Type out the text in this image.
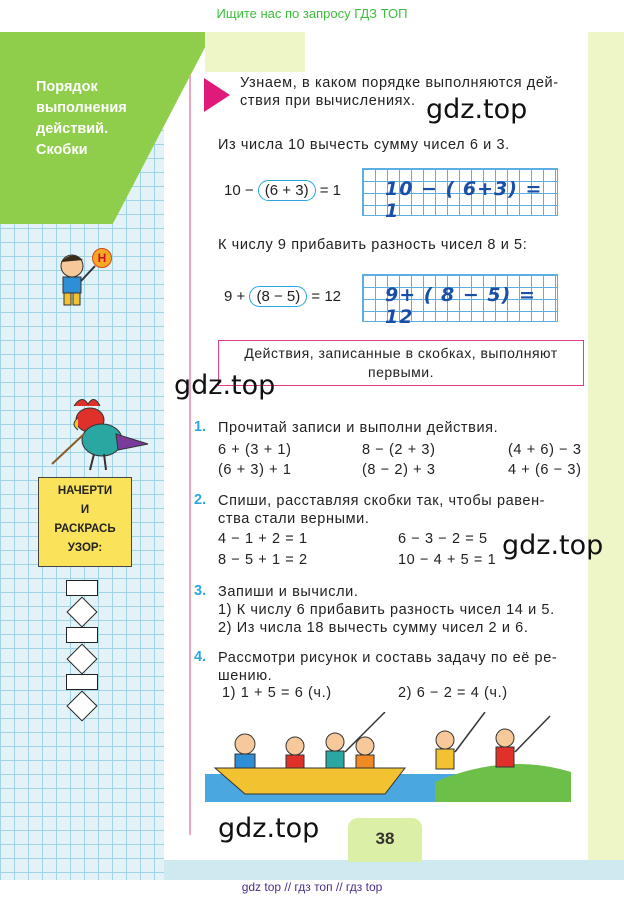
Ищите нас по запросу ГДЗ ТОП
Порядок
выполнения
действий.
Скобки
Н
НАЧЕРТИ
И
РАСКРАСЬ
УЗОР:
Узнаем, в каком порядке выполняются дей-
ствия при вычислениях.
Из числа 10 вычесть сумму чисел 6 и 3.
10 − (6 + 3) = 1	10 − ( 6+3) = 1
К числу 9 прибавить разность чисел 8 и 5:
9 + (8 − 5) = 12	9+ ( 8 − 5) = 12
Действия, записанные в скобках, выполняют
первыми.
1. Прочитай записи и выполни действия.
6 + (3 + 1)	8 − (2 + 3)	(4 + 6) − 3
(6 + 3) + 1	(8 − 2) + 3	4 + (6 − 3)
2. Спиши, расставляя скобки так, чтобы равен-
ства стали верными.
4 − 1 + 2 = 1	6 − 3 − 2 = 5
8 − 5 + 1 = 2	10 − 4 + 5 = 1
3. Запиши и вычисли.
1) К числу 6 прибавить разность чисел 14 и 5.
2) Из числа 18 вычесть сумму чисел 2 и 6.
4. Рассмотри рисунок и составь задачу по её ре-
шению.
1) 1 + 5 = 6 (ч.)	2) 6 − 2 = 4 (ч.)
gdz.top
gdz.top
gdz.top
gdz.top	38
gdz top // гдз топ // гдз top
